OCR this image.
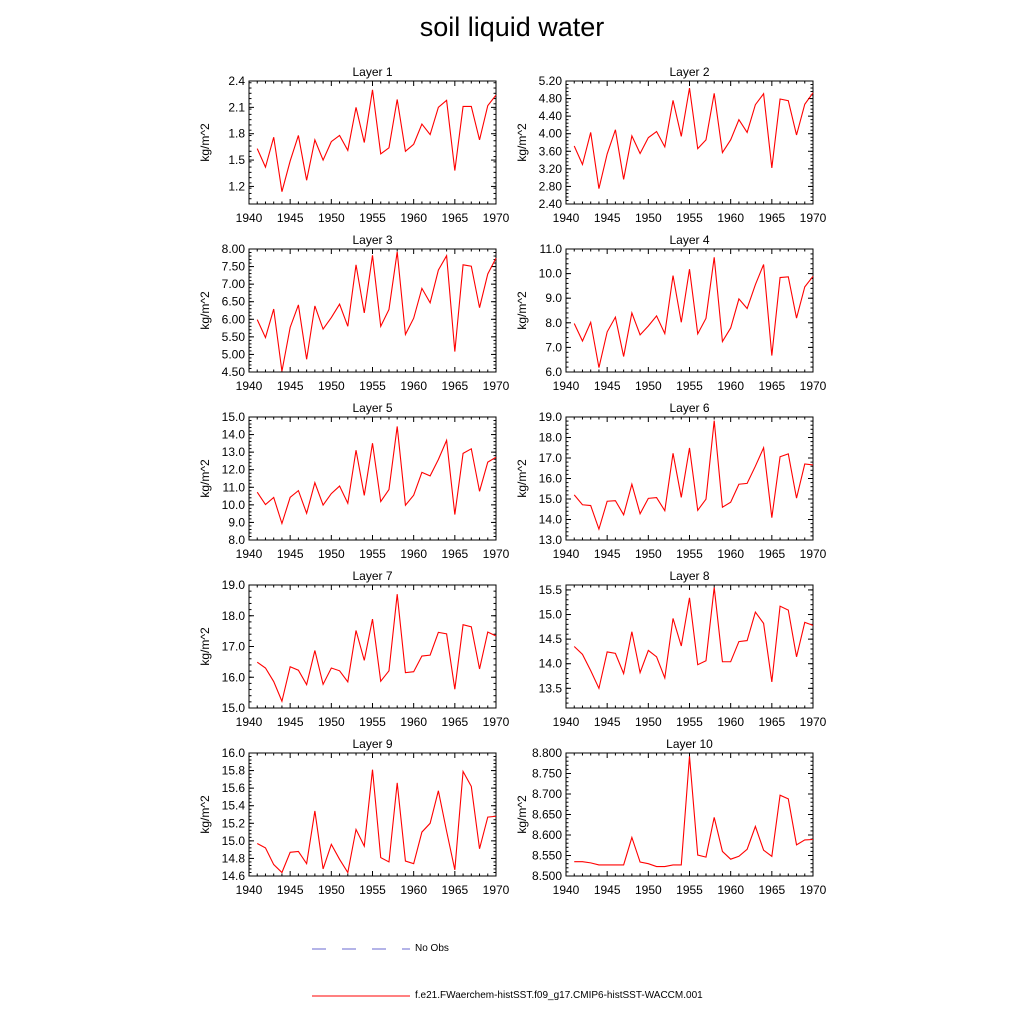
soil liquid water
Layer 1
kg/m^2
1.2
1.5
1.8
2.1
2.4
1940 1945 1950 1955 1960 1965 1970
Layer 2
kg/m^2
2.40
2.80
3.20
3.60
4.00
4.40
4.80
5.20
1940 1945 1950 1955 1960 1965 1970
Layer 3
kg/m^2
4.50
5.00
5.50
6.00
6.50
7.00
7.50
8.00
1940 1945 1950 1955 1960 1965 1970
Layer 4
kg/m^2
6.0
7.0
8.0
9.0
10.0
11.0
1940 1945 1950 1955 1960 1965 1970
Layer 5
kg/m^2
8.0
9.0
10.0
11.0
12.0
13.0
14.0
15.0
1940 1945 1950 1955 1960 1965 1970
Layer 6
kg/m^2
13.0
14.0
15.0
16.0
17.0
18.0
19.0
1940 1945 1950 1955 1960 1965 1970
Layer 7
kg/m^2
15.0
16.0
17.0
18.0
19.0
1940 1945 1950 1955 1960 1965 1970
Layer 8
13.5
14.0
14.5
15.0
15.5
1940 1945 1950 1955 1960 1965 1970
Layer 9
kg/m^2
14.6
14.8
15.0
15.2
15.4
15.6
15.8
16.0
1940 1945 1950 1955 1960 1965 1970
Layer 10
kg/m^2
8.500
8.550
8.600
8.650
8.700
8.750
8.800
1940 1945 1950 1955 1960 1965 1970
No Obs
f.e21.FWaerchem-histSST.f09_g17.CMIP6-histSST-WACCM.001
